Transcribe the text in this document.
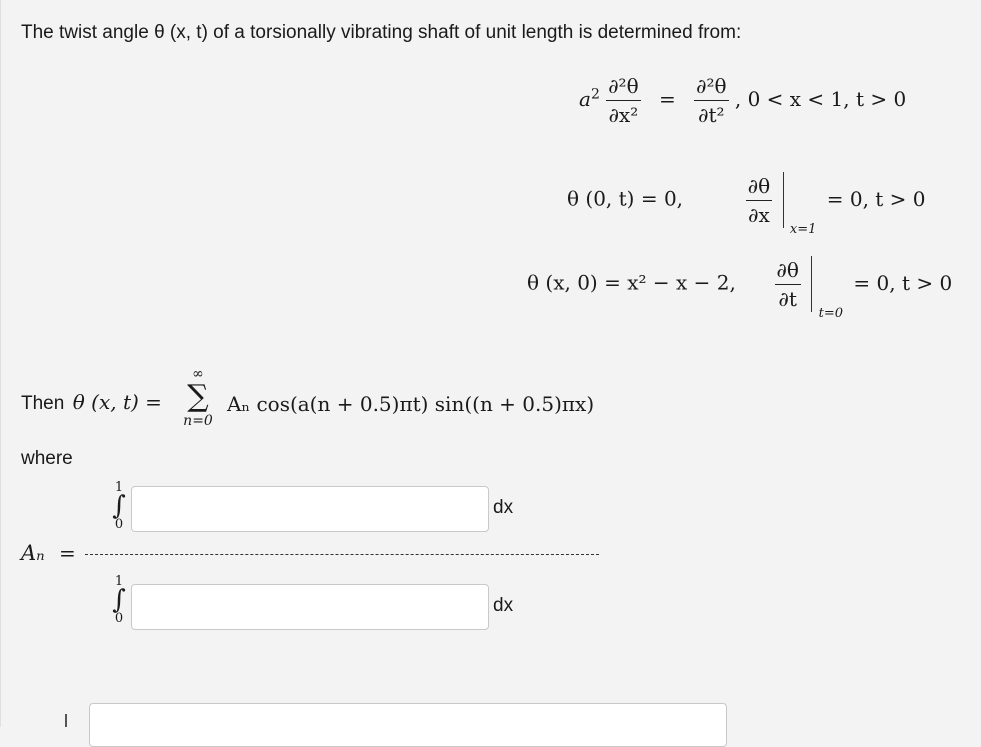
The twist angle θ (x, t) of a torsionally vibrating shaft of unit length is determined from:
$a^2 \frac{\text{∂²θ}}{\text{∂x²}} = \frac{\text{∂²θ}}{\text{∂t²}}$ , 0 < x < 1, t > 0
θ (0, t) = 0,	$\frac{\partial\theta}{\partial x}$
$_{x=1}$ = 0, t > 0
θ (x, 0) = x² − x − 2, $\frac{\partial\theta}{\partial t}$
$_{t=0}$ = 0, t > 0
Then θ (x, t) =
∞
∑
n=0
Aₙ cos(a(n + 0.5)πt) sin((n + 0.5)πx)
where
Aₙ =
1
∫
0
dx
1
∫
0
dx
